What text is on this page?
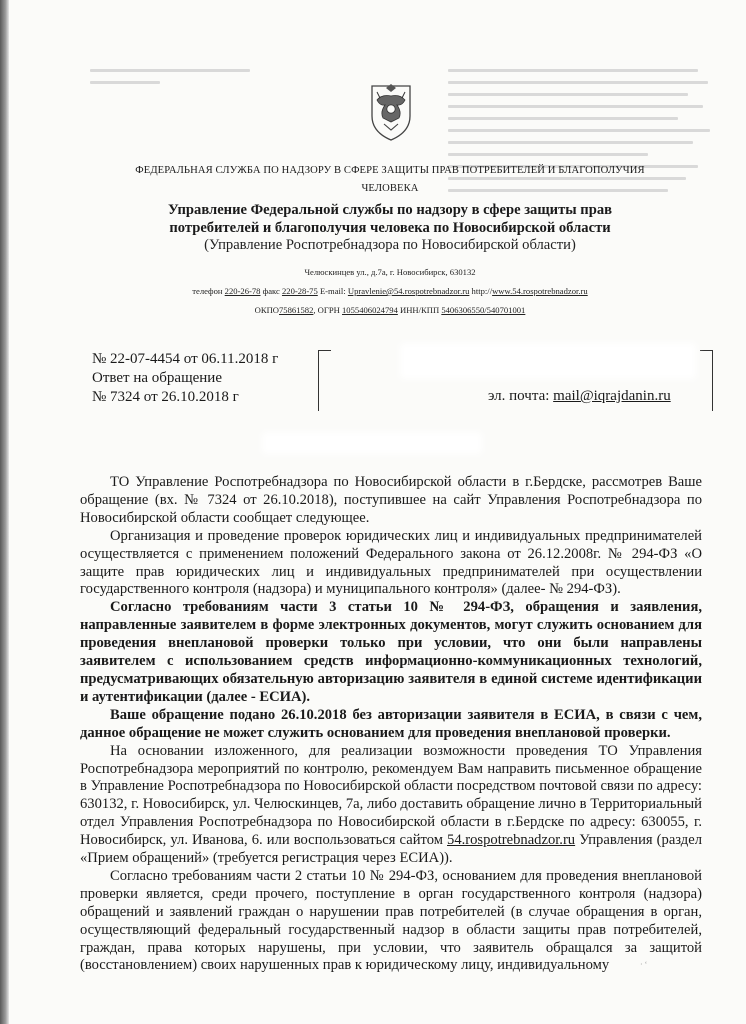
ФЕДЕРАЛЬНАЯ СЛУЖБА ПО НАДЗОРУ В СФЕРЕ ЗАЩИТЫ ПРАВ ПОТРЕБИТЕЛЕЙ И БЛАГОПОЛУЧИЯ
ЧЕЛОВЕКА
Управление Федеральной службы по надзору в сфере защиты прав
потребителей и благополучия человека по Новосибирской области
(Управление Роспотребнадзора по Новосибирской области)
Челюскинцев ул., д.7а, г. Новосибирск, 630132
телефон 220-26-78 факс 220-28-75 E-mail: Upravlenie@54.rospotrebnadzor.ru http://www.54.rospotrebnadzor.ru
ОКПО75861582, ОГРН 1055406024794 ИНН/КПП 5406306550/540701001
№ 22-07-4454 от 06.11.2018 г
Ответ на обращение
№ 7324 от 26.10.2018 г	эл. почта: mail@iqrajdanin.ru

ТО Управление Роспотребнадзора по Новосибирской области в г.Бердске, рассмотрев Ваше обращение (вх. № 7324 от 26.10.2018), поступившее на сайт Управления Роспотребнадзора по Новосибирской области сообщает следующее.

Организация и проведение проверок юридических лиц и индивидуальных предпринимателей осуществляется с применением положений Федерального закона от 26.12.2008г. № 294-ФЗ «О защите прав юридических лиц и индивидуальных предпринимателей при осуществлении государственного контроля (надзора) и муниципального контроля» (далее- № 294-ФЗ).

Согласно требованиям части 3 статьи 10 № 294-ФЗ, обращения и заявления, направленные заявителем в форме электронных документов, могут служить основанием для проведения внеплановой проверки только при условии, что они были направлены заявителем с использованием средств информационно-коммуникационных технологий, предусматривающих обязательную авторизацию заявителя в единой системе идентификации и аутентификации (далее - ЕСИА).

Ваше обращение подано 26.10.2018 без авторизации заявителя в ЕСИА, в связи с чем, данное обращение не может служить основанием для проведения внеплановой проверки.

На основании изложенного, для реализации возможности проведения ТО Управления Роспотребнадзора мероприятий по контролю, рекомендуем Вам направить письменное обращение в Управление Роспотребнадзора по Новосибирской области посредством почтовой связи по адресу: 630132, г. Новосибирск, ул. Челюскинцев, 7а, либо доставить обращение лично в Территориальный отдел Управления Роспотребнадзора по Новосибирской области в г.Бердске по адресу: 630055, г. Новосибирск, ул. Иванова, 6. или воспользоваться сайтом 54.rospotrebnadzor.ru Управления (раздел «Прием обращений» (требуется регистрация через ЕСИА)).

Согласно требованиям части 2 статьи 10 № 294-ФЗ, основанием для проведения внеплановой проверки является, среди прочего, поступление в орган государственного контроля (надзора) обращений и заявлений граждан о нарушении прав потребителей (в случае обращения в орган, осуществляющий федеральный государственный надзор в области защиты прав потребителей, граждан, права которых нарушены, при условии, что заявитель обращался за защитой (восстановлением) своих нарушенных прав к юридическому лицу, индивидуальному	· ‘
